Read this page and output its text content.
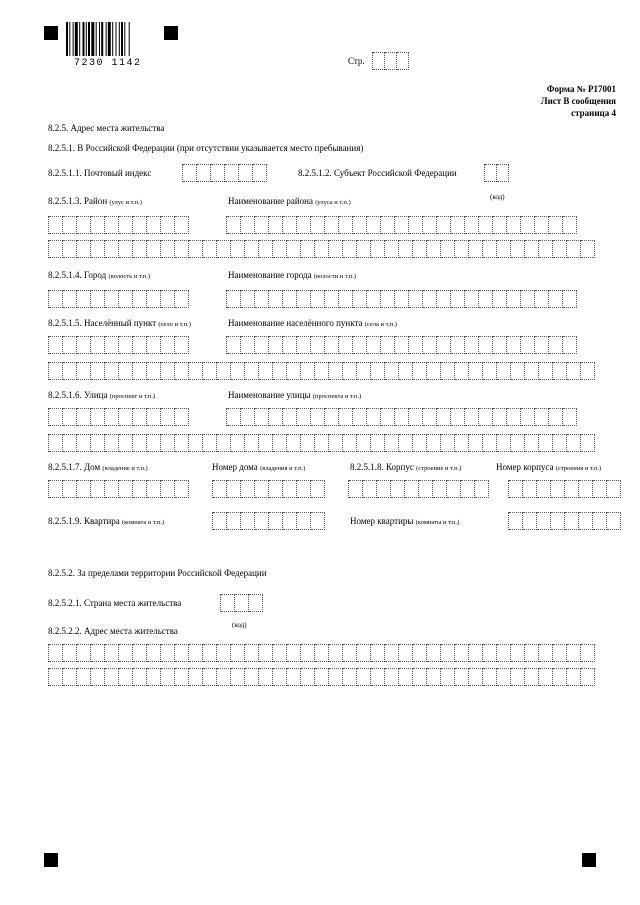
7230 1142	Стр.
Форма № Р17001
Лист В сообщения
страница 4
8.2.5. Адрес места жительства
8.2.5.1. В Российской Федерации (при отсутствии указывается место пребывания)
8.2.5.1.1. Почтовый индекс	8.2.5.1.2. Субъект Российской Федерации
(код)
8.2.5.1.3. Район (улус и т.п.)	Наименование района (улуса и т.п.)
8.2.5.1.4. Город (волость и т.п.)	Наименование города (волости и т.п.)
8.2.5.1.5. Населённый пункт (село и т.п.)	Наименование населённого пункта (села и т.п.)
8.2.5.1.6. Улица (проспект и т.п.)	Наименование улицы (проспекта и т.п.)
8.2.5.1.7. Дом (владение и т.п.)	Номер дома (владения и т.п.)	8.2.5.1.8. Корпус (строение и т.п.)	Номер корпуса (строения и т.п.)
8.2.5.1.9. Квартира (комната и т.п.)	Номер квартиры (комнаты и т.п.)
8.2.5.2. За пределами территории Российской Федерации
8.2.5.2.1. Страна места жительства
(код)
8.2.5.2.2. Адрес места жительства
